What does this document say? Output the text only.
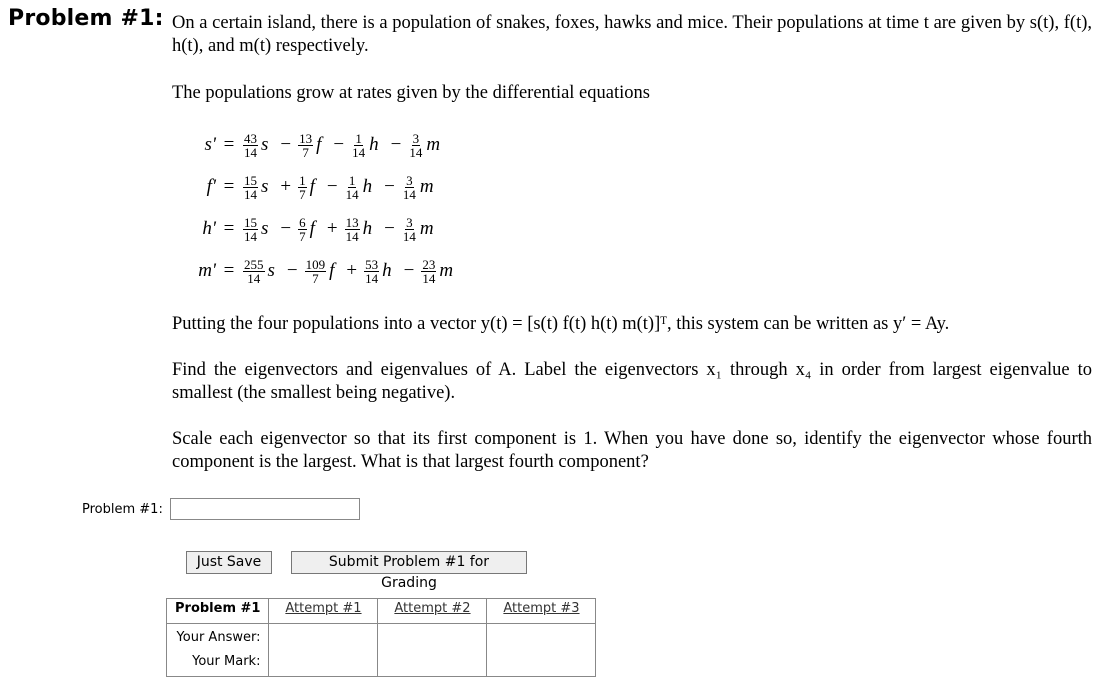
Problem #1: On a certain island, there is a population of snakes, foxes, hawks and mice. Their populations at time t are given by s(t), f(t), h(t), and m(t) respectively.

The populations grow at rates given by the differential equations

$s' = \frac{43}{14}$ $s - \frac{13}{7}$ $f - \frac{1}{14}$ $h - \frac{3}{14}$ m
$f' = \frac{15}{14}$ $s + \frac{1}{7}$ $f - \frac{1}{14}$ $h - \frac{3}{14}$ m
$h' = \frac{15}{14}$ $s - \frac{6}{7}$ $f + \frac{13}{14}$ $h - \frac{3}{14}$ m
$m' = \frac{255}{14}$ $s - \frac{109}{7}$ $f + \frac{53}{14}$ $h - \frac{23}{14}$ m
Putting the four populations into a vector y(t) = [s(t) f(t) h(t) m(t)]ᵀ, this system can be written as y′ = Ay.
Find the eigenvectors and eigenvalues of A. Label the eigenvectors x₁ through x₄ in order from largest eigenvalue to smallest (the smallest being negative).
Scale each eigenvector so that its first component is 1. When you have done so, identify the eigenvector whose fourth component is the largest. What is that largest fourth component?
Problem #1:
Just Save	Submit Problem #1 for Grading
Problem #1	Attempt #1	Attempt #2	Attempt #3

Your Answer:
Your Mark:			
